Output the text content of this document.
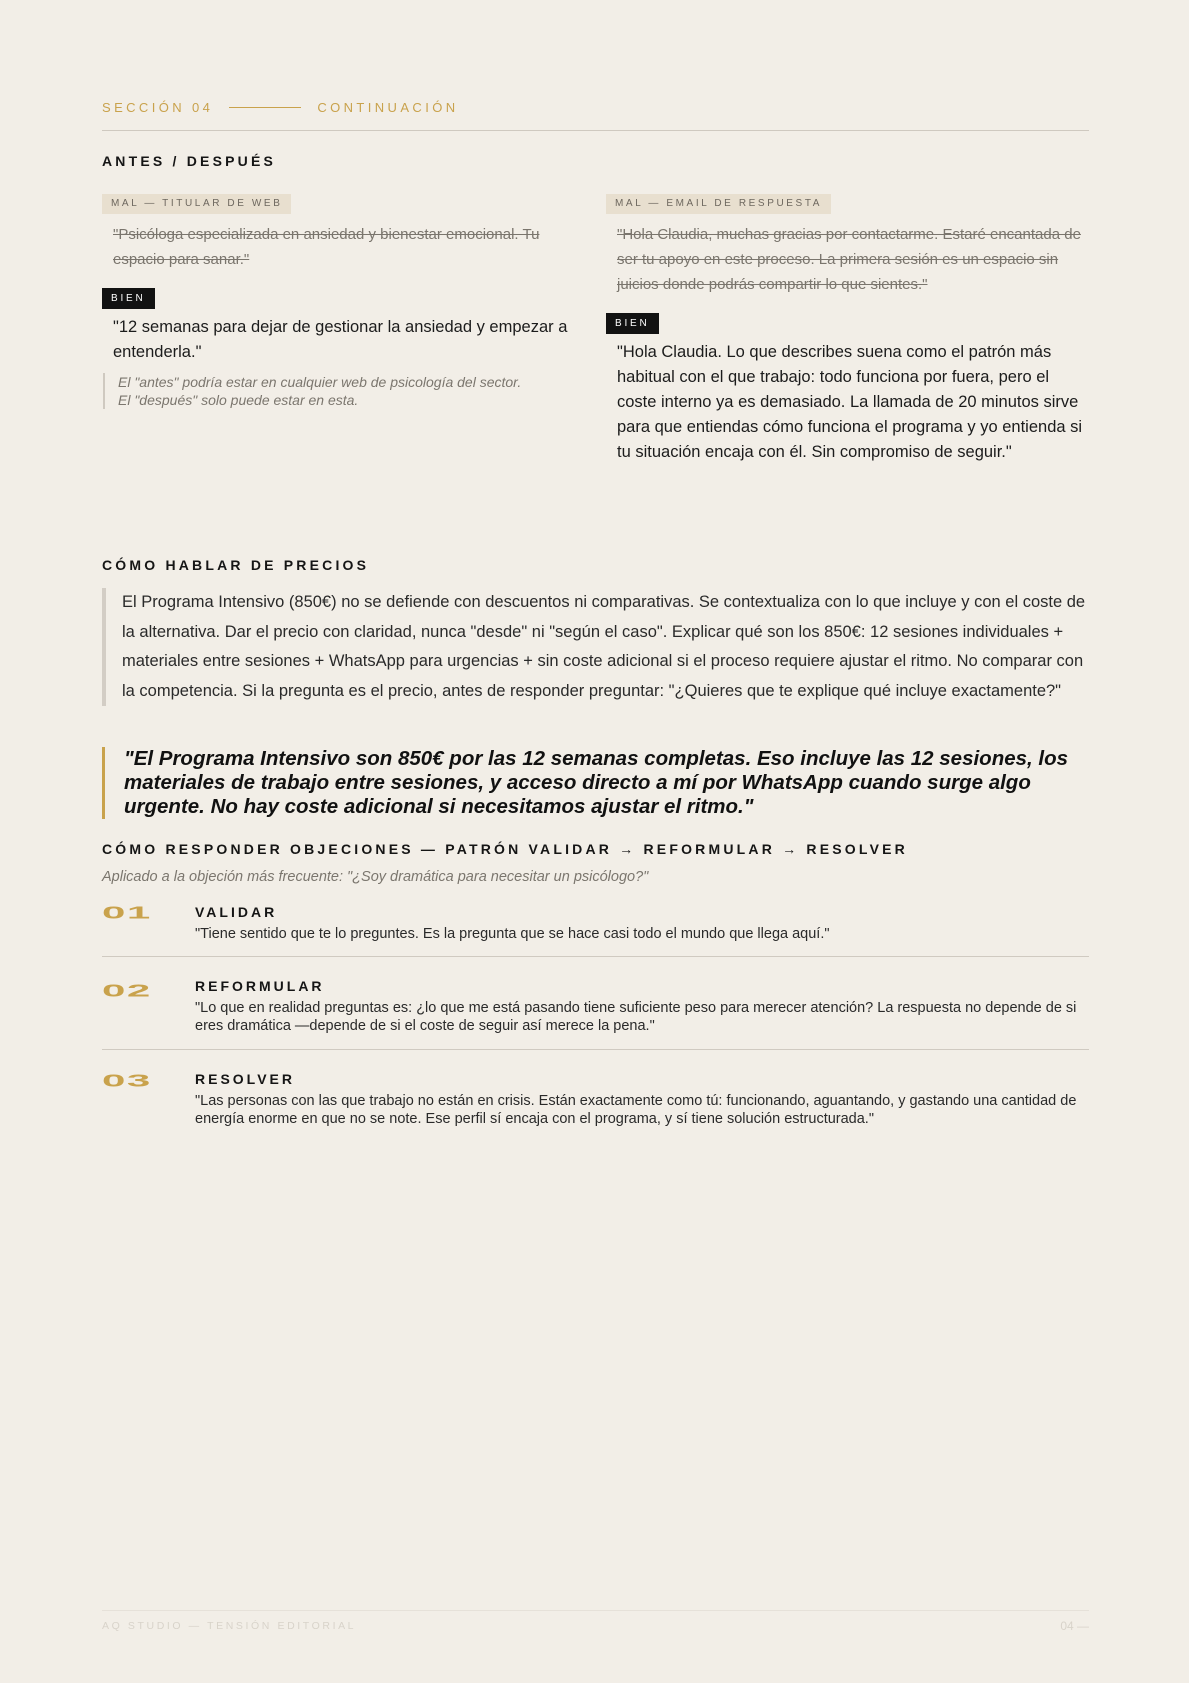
SECCIÓN 04	CONTINUACIÓN
ANTES / DESPUÉS
MAL — TITULAR DE WEB
"Psicóloga especializada en ansiedad y bienestar emocional. Tu espacio para sanar."
BIEN
"12 semanas para dejar de gestionar la ansiedad y empezar a entenderla."
El "antes" podría estar en cualquier web de psicología del sector.
El "después" solo puede estar en esta.
MAL — EMAIL DE RESPUESTA
"Hola Claudia, muchas gracias por contactarme. Estaré encantada de ser tu apoyo en este proceso. La primera sesión es un espacio sin juicios donde podrás compartir lo que sientes."
BIEN
"Hola Claudia. Lo que describes suena como el patrón más habitual con el que trabajo: todo funciona por fuera, pero el coste interno ya es demasiado. La llamada de 20 minutos sirve para que entiendas cómo funciona el programa y yo entienda si tu situación encaja con él. Sin compromiso de seguir."
CÓMO HABLAR DE PRECIOS
El Programa Intensivo (850€) no se defiende con descuentos ni comparativas. Se contextualiza con lo que incluye y con el coste de la alternativa. Dar el precio con claridad, nunca "desde" ni "según el caso". Explicar qué son los 850€: 12 sesiones individuales + materiales entre sesiones + WhatsApp para urgencias + sin coste adicional si el proceso requiere ajustar el ritmo. No comparar con la competencia. Si la pregunta es el precio, antes de responder preguntar: "¿Quieres que te explique qué incluye exactamente?"
"El Programa Intensivo son 850€ por las 12 semanas completas. Eso incluye las 12 sesiones, los materiales de trabajo entre sesiones, y acceso directo a mí por WhatsApp cuando surge algo urgente. No hay coste adicional si necesitamos ajustar el ritmo."
CÓMO RESPONDER OBJECIONES — PATRÓN VALIDAR → REFORMULAR → RESOLVER
Aplicado a la objeción más frecuente: "¿Soy dramática para necesitar un psicólogo?"
01	VALIDAR
"Tiene sentido que te lo preguntes. Es la pregunta que se hace casi todo el mundo que llega aquí."
02	REFORMULAR
"Lo que en realidad preguntas es: ¿lo que me está pasando tiene suficiente peso para merecer atención? La respuesta no depende de si eres dramática —depende de si el coste de seguir así merece la pena."
03	RESOLVER
"Las personas con las que trabajo no están en crisis. Están exactamente como tú: funcionando, aguantando, y gastando una cantidad de energía enorme en que no se note. Ese perfil sí encaja con el programa, y sí tiene solución estructurada."
AQ STUDIO — TENSIÓN EDITORIAL	04 —
